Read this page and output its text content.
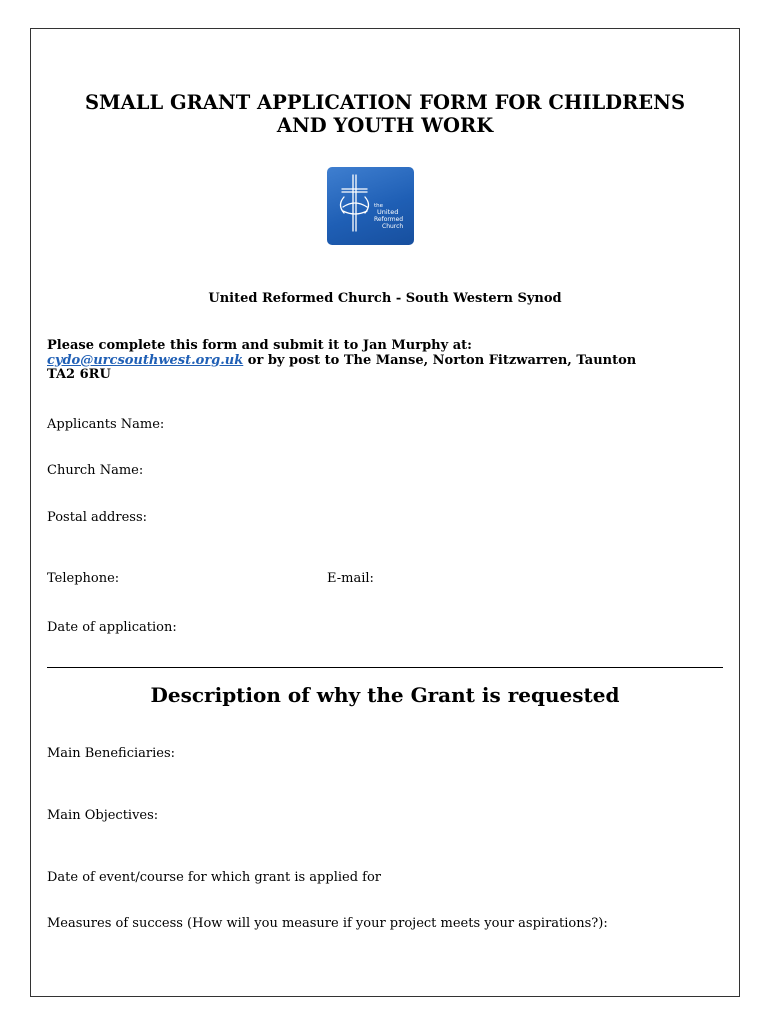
SMALL GRANT APPLICATION FORM FOR CHILDRENS
AND YOUTH WORK
the
United
Reformed
Church
United Reformed Church - South Western Synod
Please complete this form and submit it to Jan Murphy at:
cydo@urcsouthwest.org.uk or by post to The Manse, Norton Fitzwarren, Taunton
TA2 6RU
Applicants Name:
Church Name:
Postal address:
Telephone:	E-mail:
Date of application:
Description of why the Grant is requested
Main Beneficiaries:
Main Objectives:
Date of event/course for which grant is applied for
Measures of success (How will you measure if your project meets your aspirations?):
